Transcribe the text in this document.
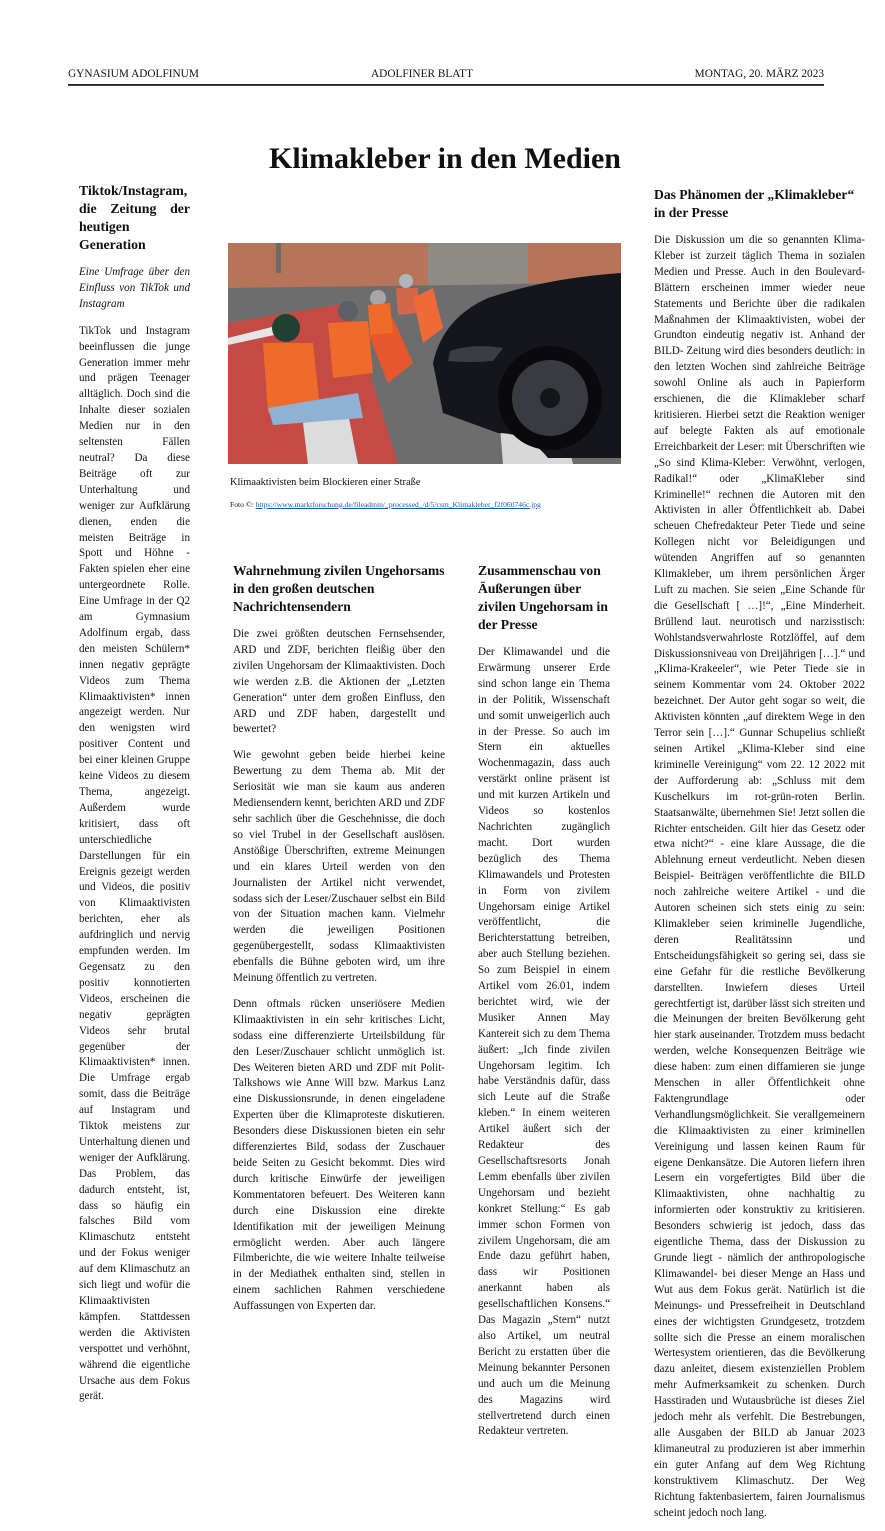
GYNASIUM ADOLFINUM	ADOLFINER BLATT	MONTAG, 20. MÄRZ 2023
Klimakleber in den Medien
Tiktok/Instagram, die Zeitung der heutigen Generation

Eine Umfrage über den Einfluss von TikTok und Instagram

TikTok und Instagram beeinflussen die junge Generation immer mehr und prägen Teenager alltäglich. Doch sind die Inhalte dieser sozialen Medien nur in den seltensten Fällen neutral? Da diese Beiträge oft zur Unterhaltung und weniger zur Aufklärung dienen, enden die meisten Beiträge in Spott und Höhne - Fakten spielen eher eine untergeordnete Rolle. Eine Umfrage in der Q2 am Gymnasium Adolfinum ergab, dass den meisten Schülern* innen negativ geprägte Videos zum Thema Klimaaktivisten* innen angezeigt werden. Nur den wenigsten wird positiver Content und bei einer kleinen Gruppe keine Videos zu diesem Thema, angezeigt. Außerdem wurde kritisiert, dass oft unterschiedliche Darstellungen für ein Ereignis gezeigt werden und Videos, die positiv von Klimaaktivisten berichten, eher als aufdringlich und nervig empfunden werden. Im Gegensatz zu den positiv konnotierten Videos, erscheinen die negativ geprägten Videos sehr brutal gegenüber der Klimaaktivisten* innen. Die Umfrage ergab somit, dass die Beiträge auf Instagram und Tiktok meistens zur Unterhaltung dienen und weniger der Aufklärung. Das Problem, das dadurch entsteht, ist, dass so häufig ein falsches Bild vom Klimaschutz entsteht und der Fokus weniger auf dem Klimaschutz an sich liegt und wofür die Klimaaktivisten kämpfen. Stattdessen werden die Aktivisten verspottet und verhöhnt, während die eigentliche Ursache aus dem Fokus gerät.

Klimaaktivisten beim Blockieren einer Straße
Foto ©: https://www.marktforschung.de/fileadmin/_processed_/d/5/csm_Klimakleber_f2f060746c.jpg
Wahrnehmung zivilen Ungehorsams in den großen deutschen Nachrichtensendern

Die zwei größten deutschen Fernsehsender, ARD und ZDF, berichten fleißig über den zivilen Ungehorsam der Klimaaktivisten. Doch wie werden z.B. die Aktionen der „Letzten Generation“ unter dem großen Einfluss, den ARD und ZDF haben, dargestellt und bewertet?

Wie gewohnt geben beide hierbei keine Bewertung zu dem Thema ab. Mit der Seriosität wie man sie kaum aus anderen Mediensendern kennt, berichten ARD und ZDF sehr sachlich über die Geschehnisse, die doch so viel Trubel in der Gesellschaft auslösen. Anstößige Überschriften, extreme Meinungen und ein klares Urteil werden von den Journalisten der Artikel nicht verwendet, sodass sich der Leser/Zuschauer selbst ein Bild von der Situation machen kann. Vielmehr werden die jeweiligen Positionen gegenübergestellt, sodass Klimaaktivisten ebenfalls die Bühne geboten wird, um ihre Meinung öffentlich zu vertreten.

Denn oftmals rücken unseriösere Medien Klimaaktivisten in ein sehr kritisches Licht, sodass eine differenzierte Urteilsbildung für den Leser/Zuschauer schlicht unmöglich ist. Des Weiteren bieten ARD und ZDF mit Polit-Talkshows wie Anne Will bzw. Markus Lanz eine Diskussionsrunde, in denen eingeladene Experten über die Klimaproteste diskutieren. Besonders diese Diskussionen bieten ein sehr differenziertes Bild, sodass der Zuschauer beide Seiten zu Gesicht bekommt. Dies wird durch kritische Einwürfe der jeweiligen Kommentatoren befeuert. Des Weiteren kann durch eine Diskussion eine direkte Identifikation mit der jeweiligen Meinung ermöglicht werden. Aber auch längere Filmberichte, die wie weitere Inhalte teilweise in der Mediathek enthalten sind, stellen in einem sachlichen Rahmen verschiedene Auffassungen von Experten dar.

Zusammenschau von Äußerungen über zivilen Ungehorsam in der Presse

Der Klimawandel und die Erwärmung unserer Erde sind schon lange ein Thema in der Politik, Wissenschaft und somit unweigerlich auch in der Presse. So auch im Stern ein aktuelles Wochenmagazin, dass auch verstärkt online präsent ist und mit kurzen Artikeln und Videos so kostenlos Nachrichten zugänglich macht. Dort wurden bezüglich des Thema Klimawandels und Protesten in Form von zivilem Ungehorsam einige Artikel veröffentlicht, die Berichterstattung betreiben, aber auch Stellung beziehen. So zum Beispiel in einem Artikel vom 26.01, indem berichtet wird, wie der Musiker Annen May Kantereit sich zu dem Thema äußert: „Ich finde zivilen Ungehorsam legitim. Ich habe Verständnis dafür, dass sich Leute auf die Straße kleben.“ In einem weiteren Artikel äußert sich der Redakteur des Gesellschaftsresorts Jonah Lemm ebenfalls über zivilen Ungehorsam und bezieht konkret Stellung:“ Es gab immer schon Formen von zivilem Ungehorsam, die am Ende dazu geführt haben, dass wir Positionen anerkannt haben als gesellschaftlichen Konsens.“ Das Magazin „Stern“ nutzt also Artikel, um neutral Bericht zu erstatten über die Meinung bekannter Personen und auch um die Meinung des Magazins wird stellvertretend durch einen Redakteur vertreten.

Das Phänomen der „Klimakleber“ in der Presse

Die Diskussion um die so genannten Klima-Kleber ist zurzeit täglich Thema in sozialen Medien und Presse. Auch in den Boulevard-Blättern erscheinen immer wieder neue Statements und Berichte über die radikalen Maßnahmen der Klimaaktivisten, wobei der Grundton eindeutig negativ ist. Anhand der BILD- Zeitung wird dies besonders deutlich: in den letzten Wochen sind zahlreiche Beiträge sowohl Online als auch in Papierform erschienen, die die Klimakleber scharf kritisieren. Hierbei setzt die Reaktion weniger auf belegte Fakten als auf emotionale Erreichbarkeit der Leser: mit Überschriften wie „So sind Klima-Kleber: Verwöhnt, verlogen, Radikal!“ oder „KlimaKleber sind Kriminelle!“ rechnen die Autoren mit den Aktivisten in aller Öffentlichkeit ab. Dabei scheuen Chefredakteur Peter Tiede und seine Kollegen nicht vor Beleidigungen und wütenden Angriffen auf so genannten Klimakleber, um ihrem persönlichen Ärger Luft zu machen. Sie seien „Eine Schande für die Gesellschaft [ …]!“, „Eine Minderheit. Brüllend laut. neurotisch und narzisstisch: Wohlstandsverwahrloste Rotzlöffel, auf dem Diskussionsniveau von Dreijährigen […].“ und „Klima-Krakeeler“, wie Peter Tiede sie in seinem Kommentar vom 24. Oktober 2022 bezeichnet. Der Autor geht sogar so weit, die Aktivisten könnten „auf direktem Wege in den Terror sein […].“ Gunnar Schupelius schließt seinen Artikel „Klima-Kleber sind eine kriminelle Vereinigung“ vom 22. 12 2022 mit der Aufforderung ab: „Schluss mit dem Kuschelkurs im rot-grün-roten Berlin. Staatsanwälte, übernehmen Sie! Jetzt sollen die Richter entscheiden. Gilt hier das Gesetz oder etwa nicht?“ - eine klare Aussage, die die Ablehnung erneut verdeutlicht. Neben diesen Beispiel- Beiträgen veröffentlichte die BILD noch zahlreiche weitere Artikel - und die Autoren scheinen sich stets einig zu sein: Klimakleber seien kriminelle Jugendliche, deren Realitätssinn und Entscheidungsfähigkeit so gering sei, dass sie eine Gefahr für die restliche Bevölkerung darstellten. Inwiefern dieses Urteil gerechtfertigt ist, darüber lässt sich streiten und die Meinungen der breiten Bevölkerung geht hier stark auseinander. Trotzdem muss bedacht werden, welche Konsequenzen Beiträge wie diese haben: zum einen diffamieren sie junge Menschen in aller Öffentlichkeit ohne Faktengrundlage oder Verhandlungsmöglichkeit. Sie verallgemeinern die Klimaaktivisten zu einer kriminellen Vereinigung und lassen keinen Raum für eigene Denkansätze. Die Autoren liefern ihren Lesern ein vorgefertigtes Bild über die Klimaaktivisten, ohne nachhaltig zu informierten oder konstruktiv zu kritisieren. Besonders schwierig ist jedoch, dass das eigentliche Thema, dass der Diskussion zu Grunde liegt - nämlich der anthropologische Klimawandel- bei dieser Menge an Hass und Wut aus dem Fokus gerät. Natürlich ist die Meinungs- und Pressefreiheit in Deutschland eines der wichtigsten Grundgesetz, trotzdem sollte sich die Presse an einem moralischen Wertesystem orientieren, das die Bevölkerung dazu anleitet, diesem existenziellen Problem mehr Aufmerksamkeit zu schenken. Durch Hasstiraden und Wutausbrüche ist dieses Ziel jedoch mehr als verfehlt. Die Bestrebungen, alle Ausgaben der BILD ab Januar 2023 klimaneutral zu produzieren ist aber immerhin ein guter Anfang auf dem Weg Richtung konstruktivem Klimaschutz. Der Weg Richtung faktenbasiertem, fairen Journalismus scheint jedoch noch lang.
